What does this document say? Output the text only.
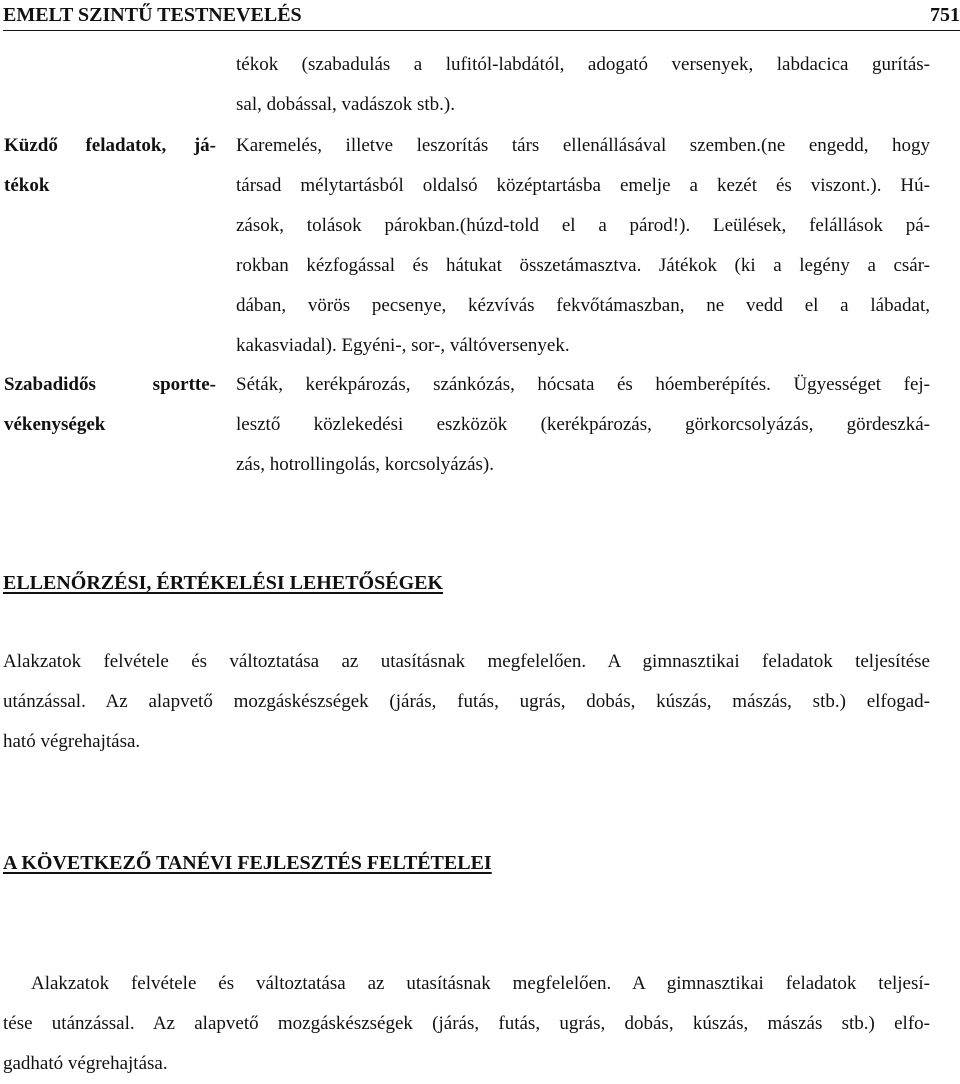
EMELT SZINTŰ TESTNEVELÉS	751
tékok (szabadulás a lufitól-labdától, adogató versenyek, labdacica gurítás-
sal, dobással, vadászok stb.).
Küzdő feladatok, já-
tékok
Karemelés, illetve leszorítás társ ellenállásával szemben.(ne engedd, hogy
társad mélytartásból oldalsó középtartásba emelje a kezét és viszont.). Hú-
zások, tolások párokban.(húzd-told el a párod!). Leülések, felállások pá-
rokban kézfogással és hátukat összetámasztva. Játékok (ki a legény a csár-
dában, vörös pecsenye, kézvívás fekvőtámaszban, ne vedd el a lábadat,
kakasviadal). Egyéni-, sor-, váltóversenyek.
Szabadidős sportte-
vékenységek
Séták, kerékpározás, szánkózás, hócsata és hóemberépítés. Ügyességet fej-
lesztő közlekedési eszközök (kerékpározás, görkorcsolyázás, gördeszká-
zás, hotrollingolás, korcsolyázás).
ELLENŐRZÉSI, ÉRTÉKELÉSI LEHETŐSÉGEK
Alakzatok felvétele és változtatása az utasításnak megfelelően. A gimnasztikai feladatok teljesítése
utánzással. Az alapvető mozgáskészségek (járás, futás, ugrás, dobás, kúszás, mászás, stb.) elfogad-
ható végrehajtása.
A KÖVETKEZŐ TANÉVI FEJLESZTÉS FELTÉTELEI
Alakzatok felvétele és változtatása az utasításnak megfelelően. A gimnasztikai feladatok teljesí-
tése utánzással. Az alapvető mozgáskészségek (járás, futás, ugrás, dobás, kúszás, mászás stb.) elfo-
gadható végrehajtása.
